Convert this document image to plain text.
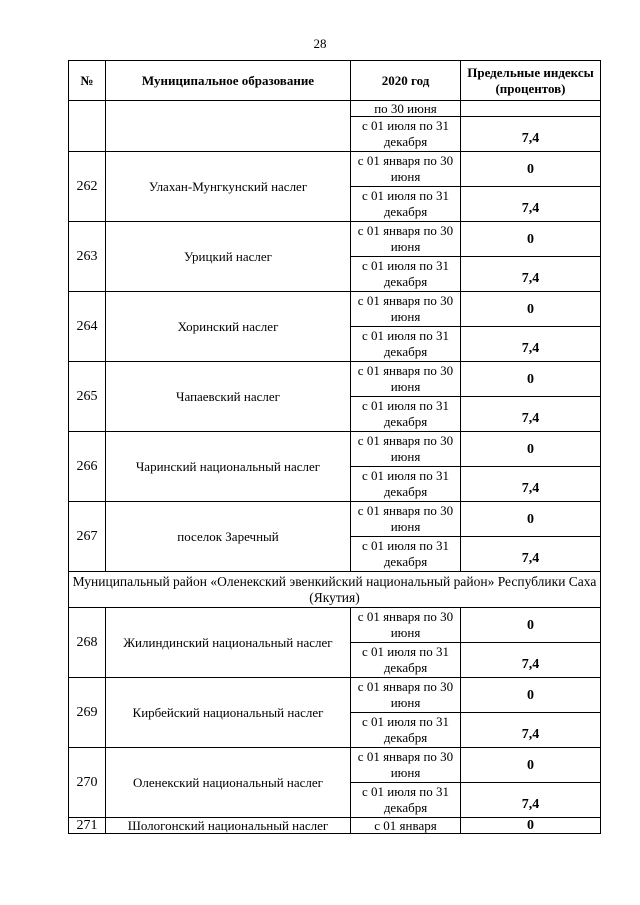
28
№	Муниципальное образование	2020 год	Предельные индексы (процентов)
		по 30 июня	
		с 01 июля по 31 декабря	7,4
262	Улахан-Мунгкунский наслег	с 01 января по 30 июня	0
		с 01 июля по 31 декабря	7,4
263	Урицкий наслег	с 01 января по 30 июня	0
		с 01 июля по 31 декабря	7,4
264	Хоринский наслег	с 01 января по 30 июня	0
		с 01 июля по 31 декабря	7,4
265	Чапаевский наслег	с 01 января по 30 июня	0
		с 01 июля по 31 декабря	7,4
266	Чаринский национальный наслег	с 01 января по 30 июня	0
		с 01 июля по 31 декабря	7,4
267	поселок Заречный	с 01 января по 30 июня	0
		с 01 июля по 31 декабря	7,4
Муниципальный район «Оленекский эвенкийский национальный район» Республики Саха (Якутия)			
268	Жилиндинский национальный наслег	с 01 января по 30 июня	0
		с 01 июля по 31 декабря	7,4
269	Кирбейский национальный наслег	с 01 января по 30 июня	0
		с 01 июля по 31 декабря	7,4
270	Оленекский национальный наслег	с 01 января по 30 июня	0
		с 01 июля по 31 декабря	7,4
271	Шологонский национальный наслег	с 01 января	0
